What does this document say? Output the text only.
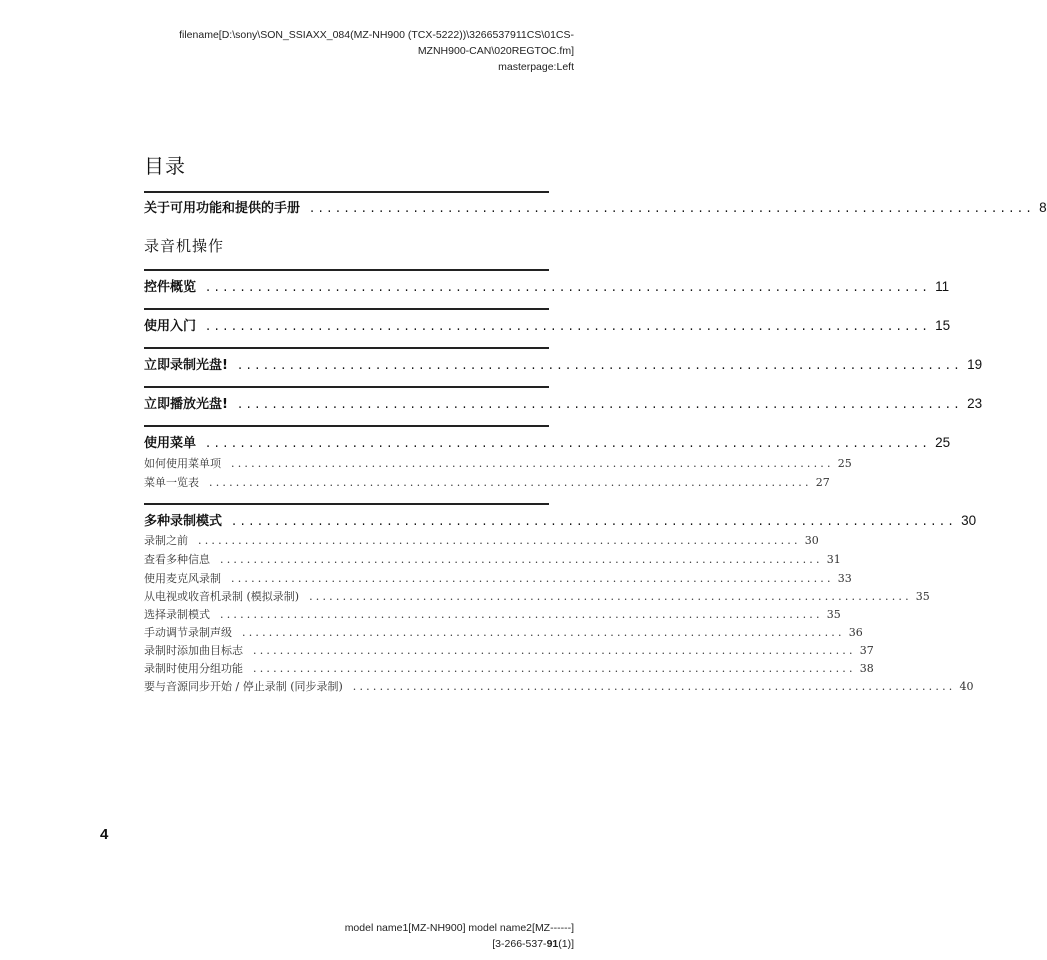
filename[D:\sony\SON_SSIAXX_084(MZ-NH900 (TCX-5222))\3266537911CS\01CS-
MZNH900-CAN\020REGTOC.fm]
masterpage:Left
目录
关于可用功能和提供的手册 .................................................................................... 8
录音机操作
控件概览 .................................................................................... 11
使用入门 .................................................................................... 15
立即录制光盘! .................................................................................... 19
立即播放光盘! .................................................................................... 23
使用菜单 .................................................................................... 25
如何使用菜单项 .......................................................................................... 25
菜单一览表 .......................................................................................... 27
多种录制模式 .................................................................................... 30
录制之前 .......................................................................................... 30
查看多种信息 .......................................................................................... 31
使用麦克风录制 .......................................................................................... 33
从电视或收音机录制 (模拟录制) .......................................................................................... 35
选择录制模式 .......................................................................................... 35
手动调节录制声级 .......................................................................................... 36
录制时添加曲目标志 .......................................................................................... 37
录制时使用分组功能 .......................................................................................... 38
要与音源同步开始 / 停止录制 (同步录制) .......................................................................................... 40
4
model name1[MZ-NH900] model name2[MZ------]
[3-266-537-91(1)]
